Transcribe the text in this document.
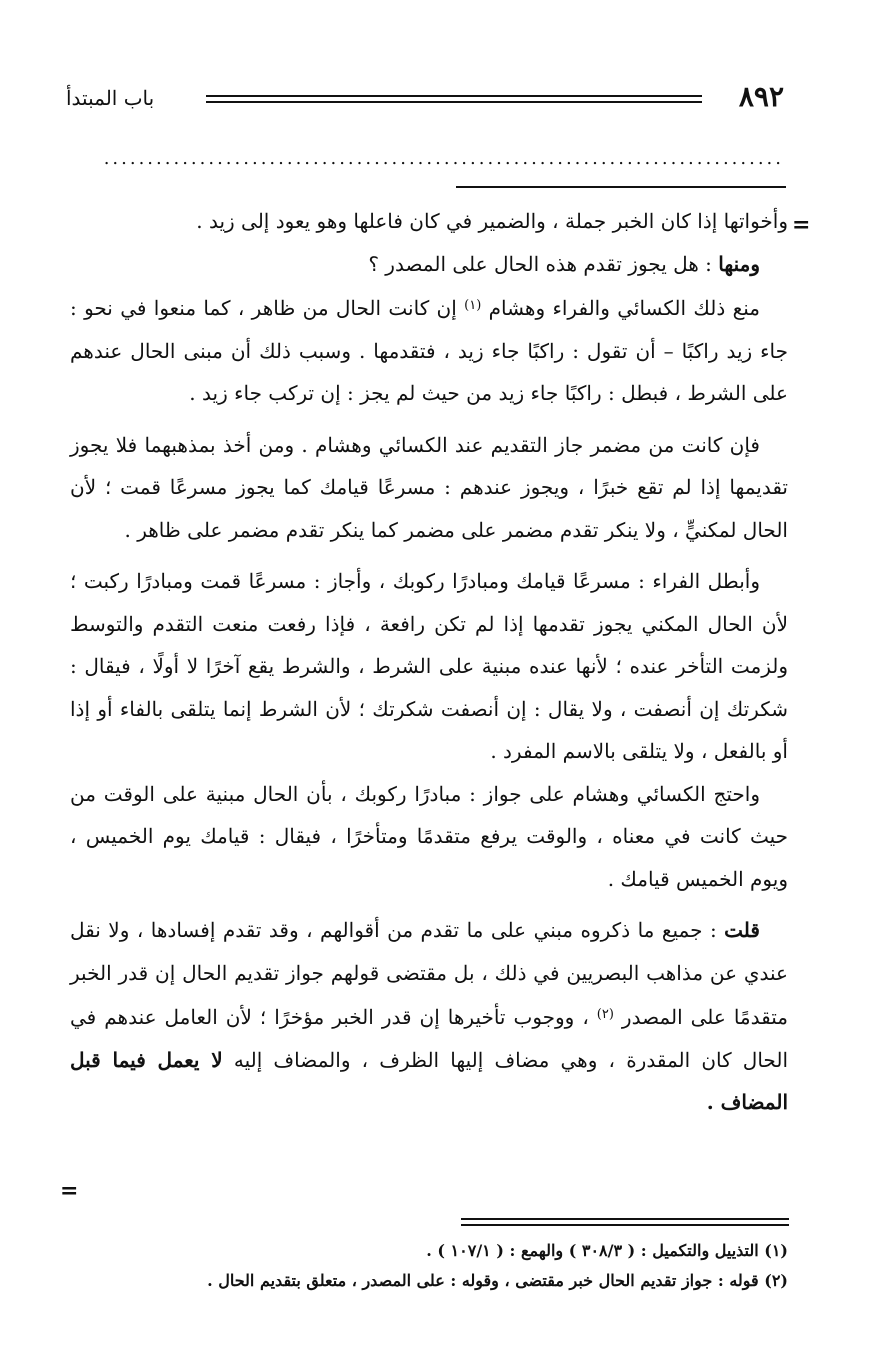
٨٩٢
باب المبتدأ
..............................................................................
=
=

وأخواتها إذا كان الخبر جملة ، والضمير في كان فاعلها وهو يعود إلى زيد .

ومنها : هل يجوز تقدم هذه الحال على المصدر ؟

منع ذلك الكسائي والفراء وهشام $^{(١)}$ إن كانت الحال من ظاهر ، كما منعوا في نحو : جاء زيد راكبًا – أن تقول : راكبًا جاء زيد ، فتقدمها . وسبب ذلك أن مبنى الحال عندهم على الشرط ، فبطل : راكبًا جاء زيد من حيث لم يجز : إن تركب جاء زيد .

فإن كانت من مضمر جاز التقديم عند الكسائي وهشام . ومن أخذ بمذهبهما فلا يجوز تقديمها إذا لم تقع خبرًا ، ويجوز عندهم : مسرعًا قيامك كما يجوز مسرعًا قمت ؛ لأن الحال لمكنيٍّ ، ولا ينكر تقدم مضمر على مضمر كما ينكر تقدم مضمر على ظاهر .

وأبطل الفراء : مسرعًا قيامك ومبادرًا ركوبك ، وأجاز : مسرعًا قمت ومبادرًا ركبت ؛ لأن الحال المكني يجوز تقدمها إذا لم تكن رافعة ، فإذا رفعت منعت التقدم والتوسط ولزمت التأخر عنده ؛ لأنها عنده مبنية على الشرط ، والشرط يقع آخرًا لا أولًا ، فيقال : شكرتك إن أنصفت ، ولا يقال : إن أنصفت شكرتك ؛ لأن الشرط إنما يتلقى بالفاء أو إذا أو بالفعل ، ولا يتلقى بالاسم المفرد .

واحتج الكسائي وهشام على جواز : مبادرًا ركوبك ، بأن الحال مبنية على الوقت من حيث كانت في معناه ، والوقت يرفع متقدمًا ومتأخرًا ، فيقال : قيامك يوم الخميس ، ويوم الخميس قيامك .

قلت : جميع ما ذكروه مبني على ما تقدم من أقوالهم ، وقد تقدم إفسادها ، ولا نقل عندي عن مذاهب البصريين في ذلك ، بل مقتضى قولهم جواز تقديم الحال إن قدر الخبر متقدمًا على المصدر $^{(٢)}$ ، ووجوب تأخيرها إن قدر الخبر مؤخرًا ؛ لأن العامل عندهم في الحال كان المقدرة ، وهي مضاف إليها الظرف ، والمضاف إليه لا يعمل فيما قبل المضاف .

(١) التذييل والتكميل : ( ٣٠٨/٣ ) والهمع : ( ١٠٧/١ ) .

(٢) قوله : جواز تقديم الحال خبر مقتضى ، وقوله : على المصدر ، متعلق بتقديم الحال .
